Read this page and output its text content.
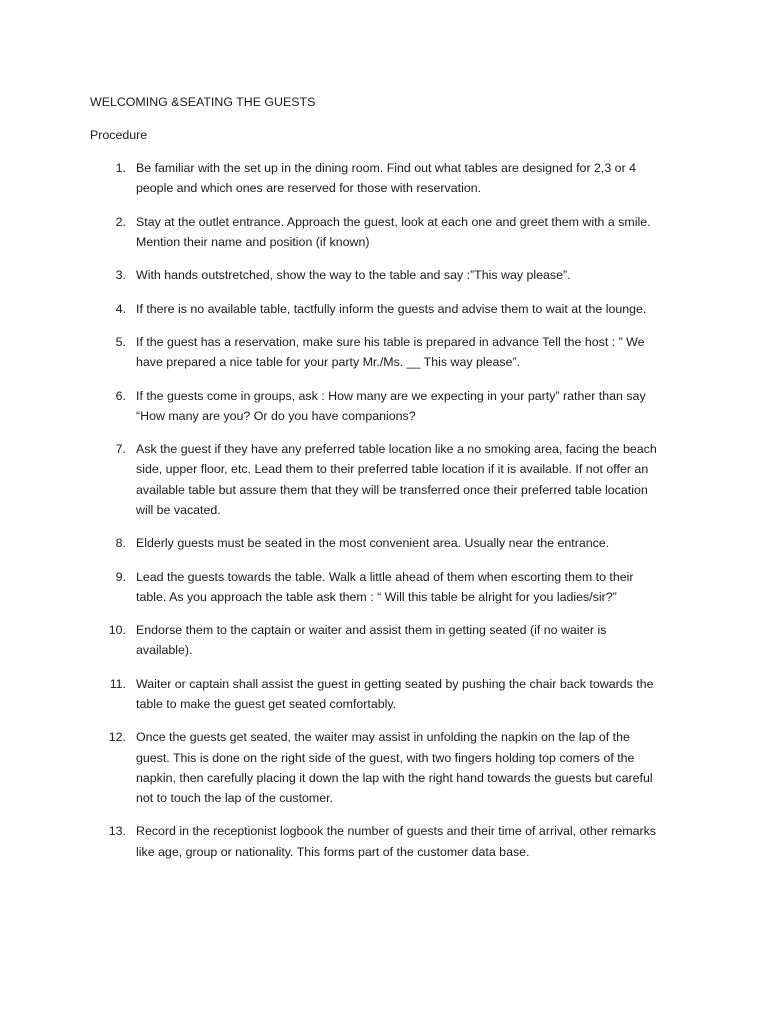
WELCOMING &SEATING THE GUESTS
Procedure
1. Be familiar with the set up in the dining room. Find out what tables are designed for 2,3 or 4
people and which ones are reserved for those with reservation.
2. Stay at the outlet entrance. Approach the guest, look at each one and greet them with a smile.
Mention their name and position (if known)
3. With hands outstretched, show the way to the table and say :”This way please”.
4. If there is no available table, tactfully inform the guests and advise them to wait at the lounge.
5. If the guest has a reservation, make sure his table is prepared in advance Tell the host : ” We
have prepared a nice table for your party Mr./Ms. __ This way please”.
6. If the guests come in groups, ask : How many are we expecting in your party” rather than say
“How many are you? Or do you have companions?
7. Ask the guest if they have any preferred table location like a no smoking area, facing the beach
side, upper floor, etc. Lead them to their preferred table location if it is available. If not offer an
available table but assure them that they will be transferred once their preferred table location
will be vacated.
8. Elderly guests must be seated in the most convenient area. Usually near the entrance.
9. Lead the guests towards the table. Walk a little ahead of them when escorting them to their
table. As you approach the table ask them : “ Will this table be alright for you ladies/sir?”
10. Endorse them to the captain or waiter and assist them in getting seated (if no waiter is
available).
11. Waiter or captain shall assist the guest in getting seated by pushing the chair back towards the
table to make the guest get seated comfortably.
12. Once the guests get seated, the waiter may assist in unfolding the napkin on the lap of the
guest. This is done on the right side of the guest, with two fingers holding top comers of the
napkin, then carefully placing it down the lap with the right hand towards the guests but careful
not to touch the lap of the customer.
13. Record in the receptionist logbook the number of guests and their time of arrival, other remarks
like age, group or nationality. This forms part of the customer data base.
